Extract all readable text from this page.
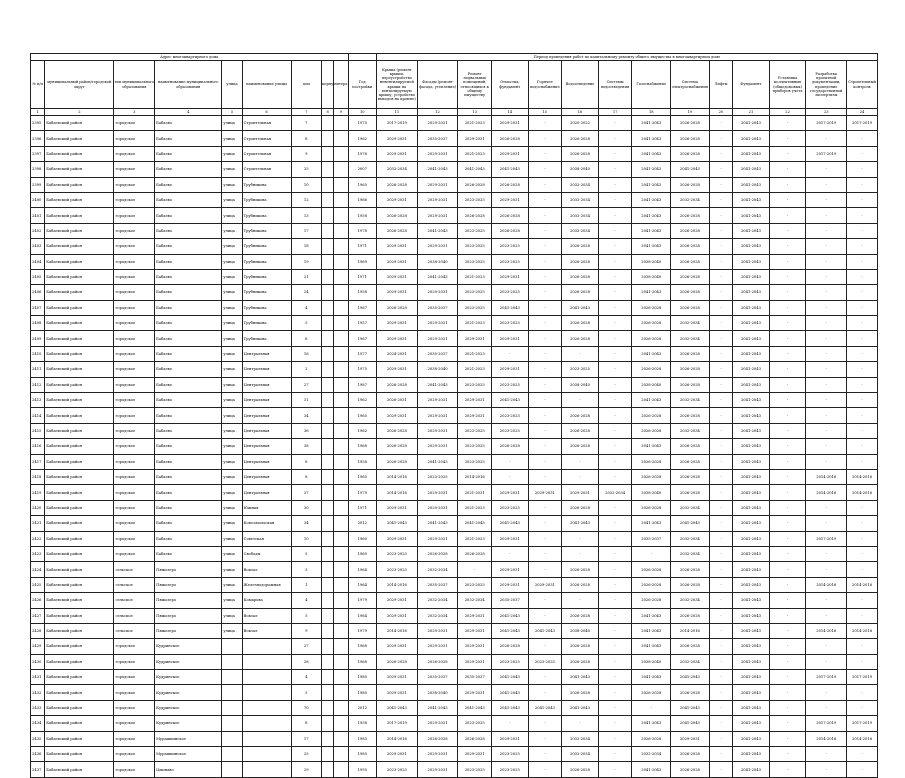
Адрес многоквартирного дома										Период проведения работ по капитальному ремонту общего имущества в многоквартирном доме													
№ п/п	муниципальный район/городской округ	тип муниципального образования	наименование муниципального образования	улица	наименование улицы	дом	корпус	литера	Год постройки	Крыша (ремонт крыши, переустройство невентилируемой крыши на вентилируемую крышу, устройство выходов на кровлю)	Фасады (ремонт фасада, утепление)	Ремонт подвальных помещений, относящихся к общему имуществу	Отмостка, фундамент	Горячее водоснабжение	Водоотведение	Системы водоотведения	Газоснабжение	Система электроснабжения	Лифты	Фундамент	Установка коллективных (общедомовых) приборов учета	Разработка проектной документации, проведение государственной экспертизы	Строительный контроль
1	2	3	4	5	6	7	8	9	10	11	12	13	14	15	16	17	18	19	20	21	22	23	24
2395	Бабаевский район	городское	Бабаево	улица	Строительная	7			1975	2017-2019	2029-2031	2021-2023	2029-2031	-	2020-2022	-	2041-2043	2026-2028	-	2041-2043	-	2017-2019	2017-2019
2396	Бабаевский район	городское	Бабаево	улица	Строительная	8			1962	2029-2031	2035-2037	2029-2031	2026-2028	-	2026-2028	-	2041-2043	2026-2028	-	2041-2043	-	-	-
2397	Бабаевский район	городское	Бабаево	улица	Строительная	9			1976	2029-2031	2029-2031	2021-2023	2029-2031	-	2026-2028	-	2041-2043	2026-2028	-	2041-2043	-	2017-2019	-
2398	Бабаевский район	городское	Бабаево	улица	Строительная	25			2007	2032-2034	2041-2043	2041-2043	2041-2043	-	2038-2040	-	2041-2043	2041-2043	-	2041-2043	-	-	-
2399	Бабаевский район	городское	Бабаево	улица	Трубникова	10			1965	2026-2028	2029-2031	2026-2028	2026-2028	-	2032-2034	-	2041-2043	2026-2028	-	2041-2043	-	-	-
2400	Бабаевский район	городское	Бабаево	улица	Трубникова	12			1966	2029-2031	2029-2031	2023-2025	2029-2031	-	2032-2034	-	2041-2043	2032-2034	-	2041-2043	-	-	-
2401	Бабаевский район	городское	Бабаево	улица	Трубникова	13			1958	2026-2028	2029-2031	2026-2028	2026-2028	-	2032-2034	-	2041-2043	2026-2028	-	2041-2043	-	-	-
2402	Бабаевский район	городское	Бабаево	улица	Трубникова	17			1978	2026-2028	2041-2043	2023-2025	2026-2028	-	2032-2034	-	2041-2043	2026-2028	-	2041-2043	-	-	-
2403	Бабаевский район	городское	Бабаево	улица	Трубникова	18			1971	2029-2031	2029-2031	2023-2025	2023-2025	-	2026-2028	-	2041-2043	2026-2028	-	2041-2043	-	-	-
2404	Бабаевский район	городское	Бабаево	улица	Трубникова	19			1969	2029-2031	2038-2040	2023-2025	2023-2025	-	2026-2028	-	2038-2040	2026-2028	-	2041-2043	-	-	-
2405	Бабаевский район	городское	Бабаево	улица	Трубникова	21			1971	2029-2031	2041-2043	2021-2023	2029-2031	-	2026-2028	-	2038-2040	2026-2028	-	2041-2043	-	-	-
2406	Бабаевский район	городское	Бабаево	улица	Трубникова	24			1958	2029-2031	2029-2031	2023-2025	2023-2025	-	2026-2028	-	2041-2043	2026-2028	-	2041-2043	-	-	-
2407	Бабаевский район	городское	Бабаево	улица	Трубникова	4			1967	2026-2028	2035-2037	2023-2025	2041-2043	-	2041-2043	-	2026-2028	2026-2028	-	2041-2043	-	-	-
2408	Бабаевский район	городское	Бабаево	улица	Трубникова	5			1957	2029-2031	2029-2031	2021-2023	2023-2025	-	2026-2028	-	2026-2028	2032-2034	-	2041-2043	-	-	-
2409	Бабаевский район	городское	Бабаево	улица	Трубникова	6			1967	2029-2031	2029-2031	2029-2031	2029-2031	-	2026-2028	-	2026-2028	2032-2034	-	2041-2043	-	-	-
2410	Бабаевский район	городское	Бабаево	улица	Центральная	16			1977	2024-2031	2035-2037	2021-2023	-	-	-	-	2041-2043	2026-2028	-	2041-2043	-	-	-
2411	Бабаевский район	городское	Бабаево	улица	Центральная	2			1975	2029-2031	2038-2040	2021-2023	2029-2031	-	2023-2025	-	2026-2028	2026-2028	-	2041-2043	-	-	-
2412	Бабаевский район	городское	Бабаево	улица	Центральная	27			1987	2026-2028	2041-2043	2023-2025	2023-2025	-	2038-2040	-	2038-2040	2026-2028	-	2041-2043	-	-	-
2413	Бабаевский район	городское	Бабаево	улица	Центральная	31			1962	2026-2031	2029-2031	2029-2031	2041-2043	-	-	-	2041-2043	2032-2034	-	2041-2043	-	-	-
2414	Бабаевский район	городское	Бабаево	улица	Центральная	34			1965	2029-2031	2029-2031	2029-2031	2023-2025	-	2026-2028	-	2026-2028	2026-2028	-	2041-2043	-	-	-
2415	Бабаевский район	городское	Бабаево	улица	Центральная	36			1962	2026-2028	2029-2031	2023-2025	2023-2025	-	2026-2028	-	2026-2028	2032-2034	-	2041-2043	-	-	-
2416	Бабаевский район	городское	Бабаево	улица	Центральная	38			1968	2026-2028	2029-2031	2023-2025	2026-2028	-	2026-2028	-	2041-2043	2026-2028	-	2041-2043	-	-	-
2417	Бабаевский район	городское	Бабаево	улица	Центральная	8			1958	2026-2028	2041-2043	2023-2025	-	-	-	-	2026-2028	2026-2028	-	2041-2043	-	-	-
2418	Бабаевский район	городское	Бабаево	улица	Центральная	8			1965	2014-2016	2023-2025	2014-2016	-	-	-	-	2026-2028	2026-2028	-	2041-2043	-	2014-2016	2014-2016
2419	Бабаевский район	городское	Бабаево	улица	Центральная	37			1979	2014-2016	2029-2031	2021-2031	2029-2031	2029-2031	2029-2031	2032-2034	2038-2040	2026-2028	-	2041-2043	-	2014-2016	2014-2016
2420	Бабаевский район	городское	Бабаево	улица	Южная	30			1971	2029-2031	2029-2031	2021-2023	2023-2025	-	2026-2028	-	2026-2028	2032-2034	-	2041-2043	-	-	-
2421	Бабаевский район	городское	Бабаево	улица	Комсомольская	34			2012	2041-2043	2041-2043	2041-2043	2041-2043	-	2041-2043	-	2041-2043	2041-2043	-	2041-2043	-	-	-
2422	Бабаевский район	городское	Бабаево	улица	Советская	10			1960	2029-2031	2029-2031	2021-2023	2029-2031	-	-	-	2035-2037	2032-2034	-	2041-2043	-	2017-2019	-
2423	Бабаевский район	городское	Бабаево	улица	Свободы	5			1960	2023-2025	2026-2028	2026-2028	-	-	-	-	-	2032-2034	-	2041-2043	-	-	-
2424	Бабаевский район	сельское	Пяжозеро	улица	Вокзал	3			1964	2023-2025	2032-2034	-	2029-2031	-	2026-2028	-	2026-2028	2026-2028	-	2041-2043	-	-	-
2425	Бабаевский район	сельское	Пяжозеро	улица	Железнодорожная	1			1964	2014-2016	2035-2037	2023-2025	2029-2031	2029-2031	2026-2028	-	2026-2028	2026-2028	-	2041-2043	-	2014-2016	2014-2016
2426	Бабаевский район	сельское	Пяжозеро	улица	Комарова	4			1979	2029-2031	2032-2034	2032-2034	2035-2037	-	-	-	2026-2028	2032-2034	-	2041-2043	-	-	-
2427	Бабаевский район	сельское	Пяжозеро	улица	Вокзал	5			1964	2029-2031	2032-2034	2029-2031	2041-2043	-	2026-2028	-	2041-2043	2026-2028	-	2041-2043	-	-	-
2428	Бабаевский район	сельское	Пяжозеро	улица	Вокзал	9			1979	2014-2016	2029-2031	2029-2031	2041-2043	2041-2043	2038-2040	-	2041-2043	2014-2016	-	2041-2043	-	2014-2016	2014-2016
2429	Бабаевский район	городское	Кудринское			27			1968	2029-2031	2029-2031	2029-2031	2026-2028	-	2026-2028	-	2041-2043	2026-2028	-	2041-2043	-	-	-
2430	Бабаевский район	городское	Кудринское			28			1968	2026-2028	2026-2028	2029-2031	2023-2025	2023-2025	2026-2028	-	2038-2040	2032-2034	-	2041-2043	-	-	-
2431	Бабаевский район	городское	Кудринское			4			1980	2029-2031	2035-2037	2035-2037	2041-2043	-	2041-2043	-	2041-2043	2041-2043	-	2041-2043	-	2017-2019	2017-2019
2432	Бабаевский район	городское	Кудринское			5			1980	2029-2031	2038-2040	2029-2031	2041-2043	-	2026-2028	-	2026-2028	2026-2028	-	2041-2043	-	-	-
2433	Бабаевский район	городское	Кудринское			70			2012	2041-2043	2041-2043	2041-2043	2041-2043	2041-2043	2041-2043	-	-	2041-2043	-	2041-2043	-	-	-
2434	Бабаевский район	городское	Кудринское			8			1958	2017-2019	2029-2031	2023-2025	-	-	-	-	2041-2043	2041-2043	-	2041-2043	-	2017-2019	2017-2019
2435	Бабаевский район	городское	Мурашкинское			17			1983	2014-2016	2026-2028	2026-2028	2029-2031	-	2032-2034	-	2026-2028	2029-2031	-	2041-2043	-	2014-2016	2014-2016
2436	Бабаевский район	городское	Мурашкинское			25			1985	2029-2031	2029-2031	2029-2031	2023-2025	-	2032-2034	-	2032-2034	2026-2028	-	2041-2043	-	-	-
2437	Бабаевский район	городское	Цыпнаво			29			1995	2023-2025	2029-2031	2023-2025	2023-2025	-	2026-2028	-	2041-2043	2026-2028	-	2041-2043	-	-	-
